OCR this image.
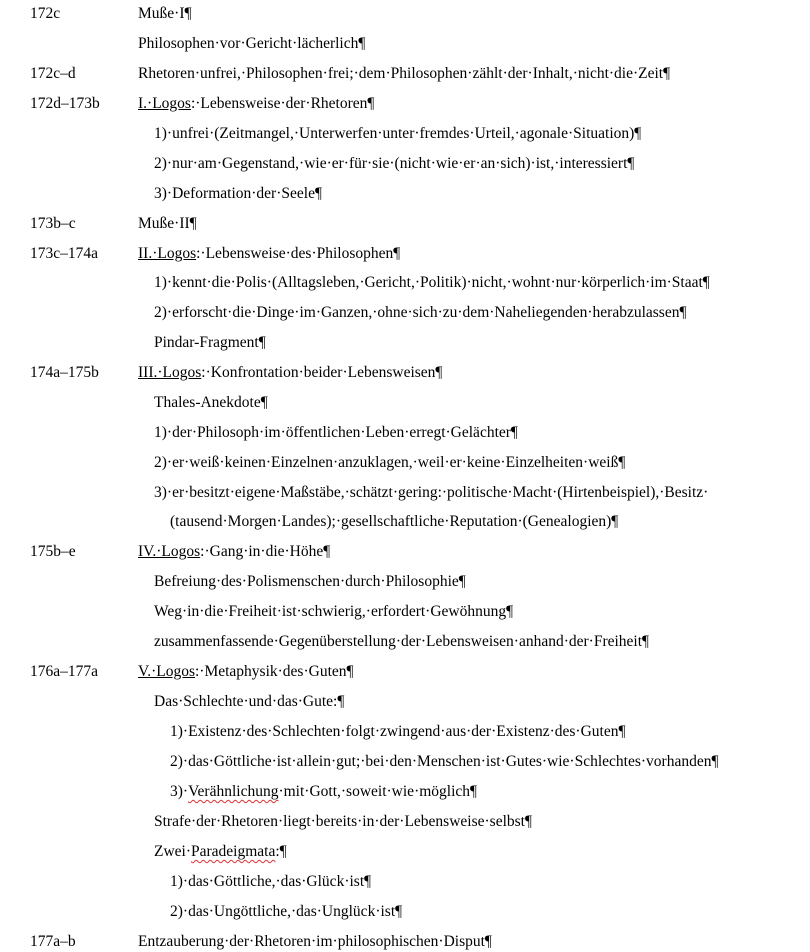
172c	Muße·I¶
Philosophen·vor·Gericht·lächerlich¶
172c–d	Rhetoren·unfrei,·Philosophen·frei;·dem·Philosophen·zählt·der·Inhalt,·nicht·die·Zeit¶
172d–173b I.·Logos:·Lebensweise·der·Rhetoren¶
1)·unfrei·(Zeitmangel,·Unterwerfen·unter·fremdes·Urteil,·agonale·Situation)¶
2)·nur·am·Gegenstand,·wie·er·für·sie·(nicht·wie·er·an·sich)·ist,·interessiert¶
3)·Deformation·der·Seele¶
173b–c	Muße·II¶
173c–174a	II.·Logos:·Lebensweise·des·Philosophen¶
1)·kennt·die·Polis·(Alltagsleben,·Gericht,·Politik)·nicht,·wohnt·nur·körperlich·im·Staat¶
2)·erforscht·die·Dinge·im·Ganzen,·ohne·sich·zu·dem·Naheliegenden·herabzulassen¶
Pindar-Fragment¶
174a–175b	III.·Logos:·Konfrontation·beider·Lebensweisen¶
Thales-Anekdote¶
1)·der·Philosoph·im·öffentlichen·Leben·erregt·Gelächter¶
2)·er·weiß·keinen·Einzelnen·anzuklagen,·weil·er·keine·Einzelheiten·weiß¶
3)·er·besitzt·eigene·Maßstäbe,·schätzt·gering:·politische·Macht·(Hirtenbeispiel),·Besitz·
(tausend·Morgen·Landes);·gesellschaftliche·Reputation·(Genealogien)¶
175b–e	IV.·Logos:·Gang·in·die·Höhe¶
Befreiung·des·Polismenschen·durch·Philosophie¶
Weg·in·die·Freiheit·ist·schwierig,·erfordert·Gewöhnung¶
zusammenfassende·Gegenüberstellung·der·Lebensweisen·anhand·der·Freiheit¶
176a–177a	V.·Logos:·Metaphysik·des·Guten¶
Das·Schlechte·und·das·Gute:¶
1)·Existenz·des·Schlechten·folgt·zwingend·aus·der·Existenz·des·Guten¶
2)·das·Göttliche·ist·allein·gut;·bei·den·Menschen·ist·Gutes·wie·Schlechtes·vorhanden¶
3)·Verähnlichung·mit·Gott,·soweit·wie·möglich¶
Strafe·der·Rhetoren·liegt·bereits·in·der·Lebensweise·selbst¶
Zwei·Paradeigmata:¶
1)·das·Göttliche,·das·Glück·ist¶
2)·das·Ungöttliche,·das·Unglück·ist¶
177a–b	Entzauberung·der·Rhetoren·im·philosophischen·Disput¶
